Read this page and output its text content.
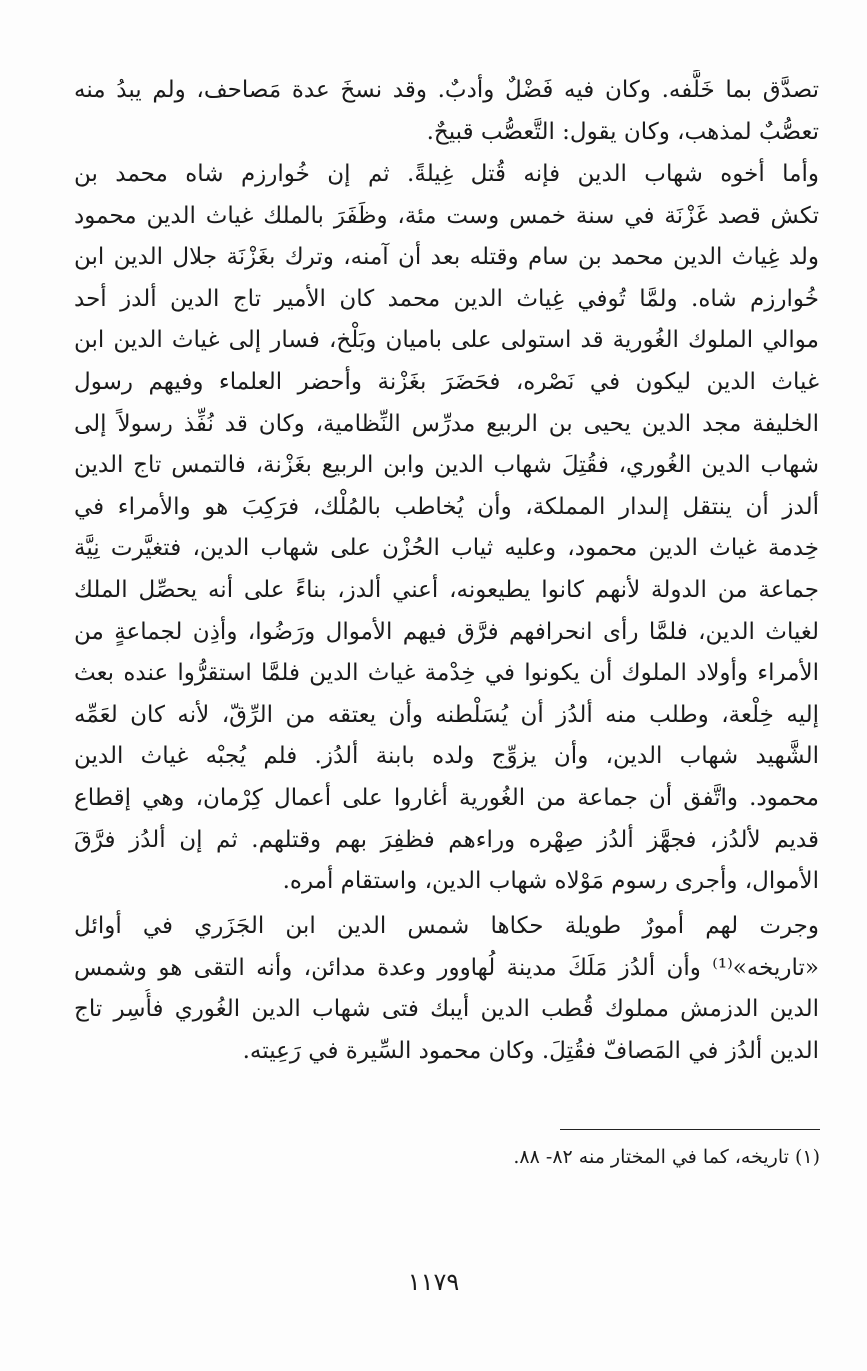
تصدَّق بما خَلَّفه. وكان فيه فَضْلٌ وأدبٌ. وقد نسخَ عدة مَصاحف، ولم يبدُ منه
تعصُّبٌ لمذهب، وكان يقول: التَّعصُّب قبيحٌ.
وأما أخوه شهاب الدين فإنه قُتل غِيلةً. ثم إن خُوارزم شاه محمد بن
تكش قصد غَزْنَة في سنة خمس وست مئة، وظَفَرَ بالملك غياث الدين محمود
ولد غِياث الدين محمد بن سام وقتله بعد أن آمنه، وترك بغَزْنَة جلال الدين ابن
خُوارزم شاه. ولمَّا تُوفي غِياث الدين محمد كان الأمير تاج الدين ألدز أحد
موالي الملوك الغُورية قد استولى على باميان وبَلْخ، فسار إلى غياث الدين ابن
غياث الدين ليكون في نَصْره، فحَضَرَ بغَزْنة وأحضر العلماء وفيهم رسول
الخليفة مجد الدين يحيى بن الربيع مدرِّس النِّظامية، وكان قد نُفِّذ رسولاً إلى
شهاب الدين الغُوري، فقُتِلَ شهاب الدين وابن الربيع بغَزْنة، فالتمس تاج الدين
ألدز أن ينتقل إلىدار المملكة، وأن يُخاطب بالمُلْك، فرَكِبَ هو والأمراء في
خِدمة غياث الدين محمود، وعليه ثياب الحُزْن على شهاب الدين، فتغيَّرت نِيَّة
جماعة من الدولة لأنهم كانوا يطيعونه، أعني ألدز، بناءً على أنه يحصِّل الملك
لغياث الدين، فلمَّا رأى انحرافهم فرَّق فيهم الأموال ورَضُوا، وأذِن لجماعةٍ من
الأمراء وأولاد الملوك أن يكونوا في خِدْمة غياث الدين فلمَّا استقرُّوا عنده بعث
إليه خِلْعة، وطلب منه ألدُز أن يُسَلْطنه وأن يعتقه من الرِّقّ، لأنه كان لعَمِّه
الشَّهيد شهاب الدين، وأن يزوِّج ولده بابنة ألدُز. فلم يُجبْه غياث الدين
محمود. واتَّفق أن جماعة من الغُورية أغاروا على أعمال كِرْمان، وهي إقطاع
قديم لألدُز، فجهَّز ألدُز صِهْره وراءهم فظفِرَ بهم وقتلهم. ثم إن ألدُز فرَّقَ
الأموال، وأجرى رسوم مَوْلاه شهاب الدين، واستقام أمره.
وجرت لهم أمورٌ طويلة حكاها شمس الدين ابن الجَزَري في أوائل
«تاريخه»⁽¹⁾ وأن ألدُز مَلَكَ مدينة لُهاوور وعدة مدائن، وأنه التقى هو وشمس
الدين الدزمش مملوك قُطب الدين أيبك فتى شهاب الدين الغُوري فأُسِر تاج
الدين ألدُز في المَصافّ فقُتِلَ. وكان محمود السِّيرة في رَعِيته.
(١) تاريخه، كما في المختار منه ٨٢- ٨٨.
١١٧٩
